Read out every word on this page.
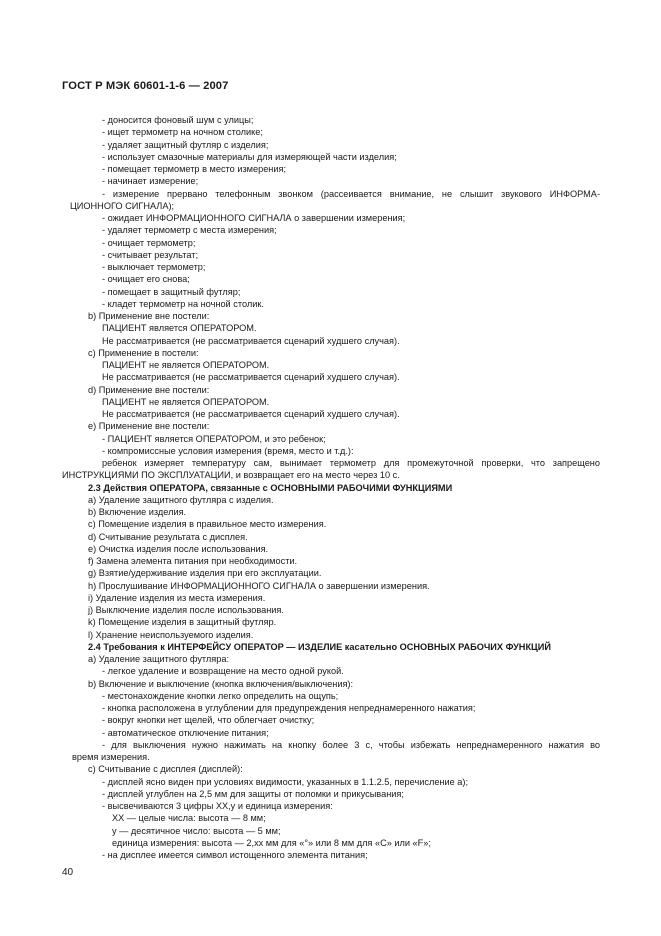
ГОСТ Р МЭК 60601-1-6 — 2007
- доносится фоновый шум с улицы;
- ищет термометр на ночном столике;
- удаляет защитный футляр с изделия;
- использует смазочные материалы для измеряющей части изделия;
- помещает термометр в место измерения;
- начинает измерение;
- измерение прервано телефонным звонком (рассеивается внимание, не слышит звукового ИНФОРМА-
ЦИОННОГО СИГНАЛА);
- ожидает ИНФОРМАЦИОННОГО СИГНАЛА о завершении измерения;
- удаляет термометр с места измерения;
- очищает термометр;
- считывает результат;
- выключает термометр;
- очищает его снова;
- помещает в защитный футляр;
- кладет термометр на ночной столик.
b) Применение вне постели:
ПАЦИЕНТ является ОПЕРАТОРОМ.
Не рассматривается (не рассматривается сценарий худшего случая).
c) Применение в постели:
ПАЦИЕНТ не является ОПЕРАТОРОМ.
Не рассматривается (не рассматривается сценарий худшего случая).
d) Применение вне постели:
ПАЦИЕНТ не является ОПЕРАТОРОМ.
Не рассматривается (не рассматривается сценарий худшего случая).
e) Применение вне постели:
- ПАЦИЕНТ является ОПЕРАТОРОМ, и это ребенок;
- компромиссные условия измерения (время, место и т.д.):
ребенок измеряет температуру сам, вынимает термометр для промежуточной проверки, что запрещено
ИНСТРУКЦИЯМИ ПО ЭКСПЛУАТАЦИИ, и возвращает его на место через 10 с.
2.3 Действия ОПЕРАТОРА, связанные с ОСНОВНЫМИ РАБОЧИМИ ФУНКЦИЯМИ
a) Удаление защитного футляра с изделия.
b) Включение изделия.
c) Помещение изделия в правильное место измерения.
d) Считывание результата с дисплея.
e) Очистка изделия после использования.
f) Замена элемента питания при необходимости.
g) Взятие/удерживание изделия при его эксплуатации.
h) Прослушивание ИНФОРМАЦИОННОГО СИГНАЛА о завершении измерения.
i) Удаление изделия из места измерения.
j) Выключение изделия после использования.
k) Помещение изделия в защитный футляр.
l) Хранение неиспользуемого изделия.
2.4 Требования к ИНТЕРФЕЙСУ ОПЕРАТОР — ИЗДЕЛИЕ касательно ОСНОВНЫХ РАБОЧИХ ФУНКЦИЙ
a) Удаление защитного футляра:
- легкое удаление и возвращение на место одной рукой.
b) Включение и выключение (кнопка включения/выключения):
- местонахождение кнопки легко определить на ощупь;
- кнопка расположена в углублении для предупреждения непреднамеренного нажатия;
- вокруг кнопки нет щелей, что облегчает очистку;
- автоматическое отключение питания;
- для выключения нужно нажимать на кнопку более 3 с, чтобы избежать непреднамеренного нажатия во
время измерения.
c) Считывание с дисплея (дисплей):
- дисплей ясно виден при условиях видимости, указанных в 1.1.2.5, перечисление a);
- дисплей углублен на 2,5 мм для защиты от поломки и прикусывания;
- высвечиваются 3 цифры XX,у и единица измерения:
XX — целые числа: высота — 8 мм;
y — десятичное число: высота — 5 мм;
единица измерения: высота — 2,xx мм для «°» или 8 мм для «С» или «F»;
- на дисплее имеется символ истощенного элемента питания;
40
